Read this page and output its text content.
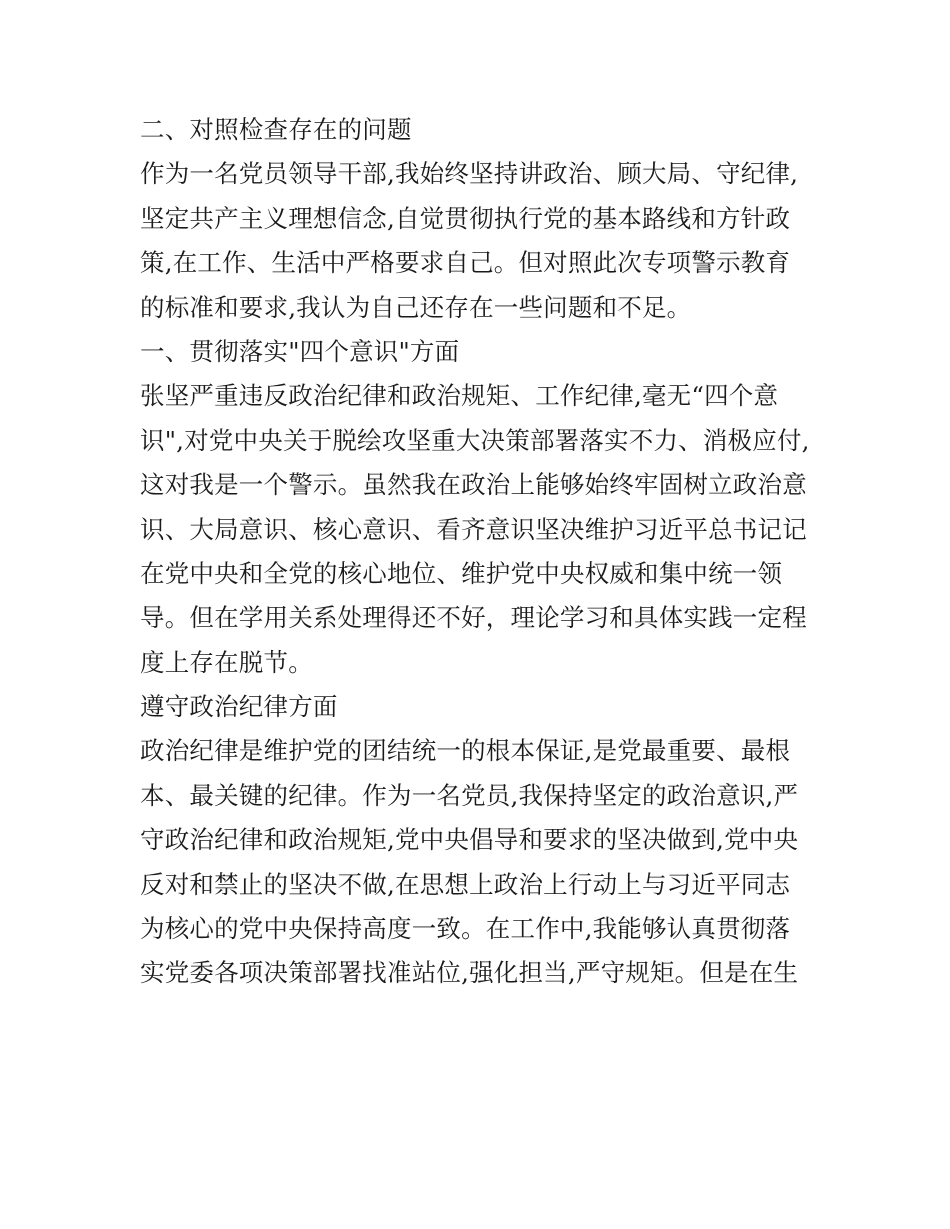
二、对照检查存在的问题
作为一名党员领导干部,我始终坚持讲政治、顾大局、守纪律,
坚定共产主义理想信念,自觉贯彻执行党的基本路线和方针政
策,在工作、生活中严格要求自己。但对照此次专项警示教育
的标准和要求,我认为自己还存在一些问题和不足。
一、贯彻落实"四个意识"方面
张坚严重违反政治纪律和政治规矩、工作纪律,毫无“四个意
识",对党中央关于脱绘攻坚重大决策部署落实不力、消极应付,
这对我是一个警示。虽然我在政治上能够始终牢固树立政治意
识、大局意识、核心意识、看齐意识坚决维护习近平总书记记
在党中央和全党的核心地位、维护党中央权威和集中统一领
导。但在学用关系处理得还不好，理论学习和具体实践一定程
度上存在脱节。
遵守政治纪律方面
政治纪律是维护党的团结统一的根本保证,是党最重要、最根
本、最关键的纪律。作为一名党员,我保持坚定的政治意识,严
守政治纪律和政治规矩,党中央倡导和要求的坚决做到,党中央
反对和禁止的坚决不做,在思想上政治上行动上与习近平同志
为核心的党中央保持高度一致。在工作中,我能够认真贯彻落
实党委各项决策部署找准站位,强化担当,严守规矩。但是在生
